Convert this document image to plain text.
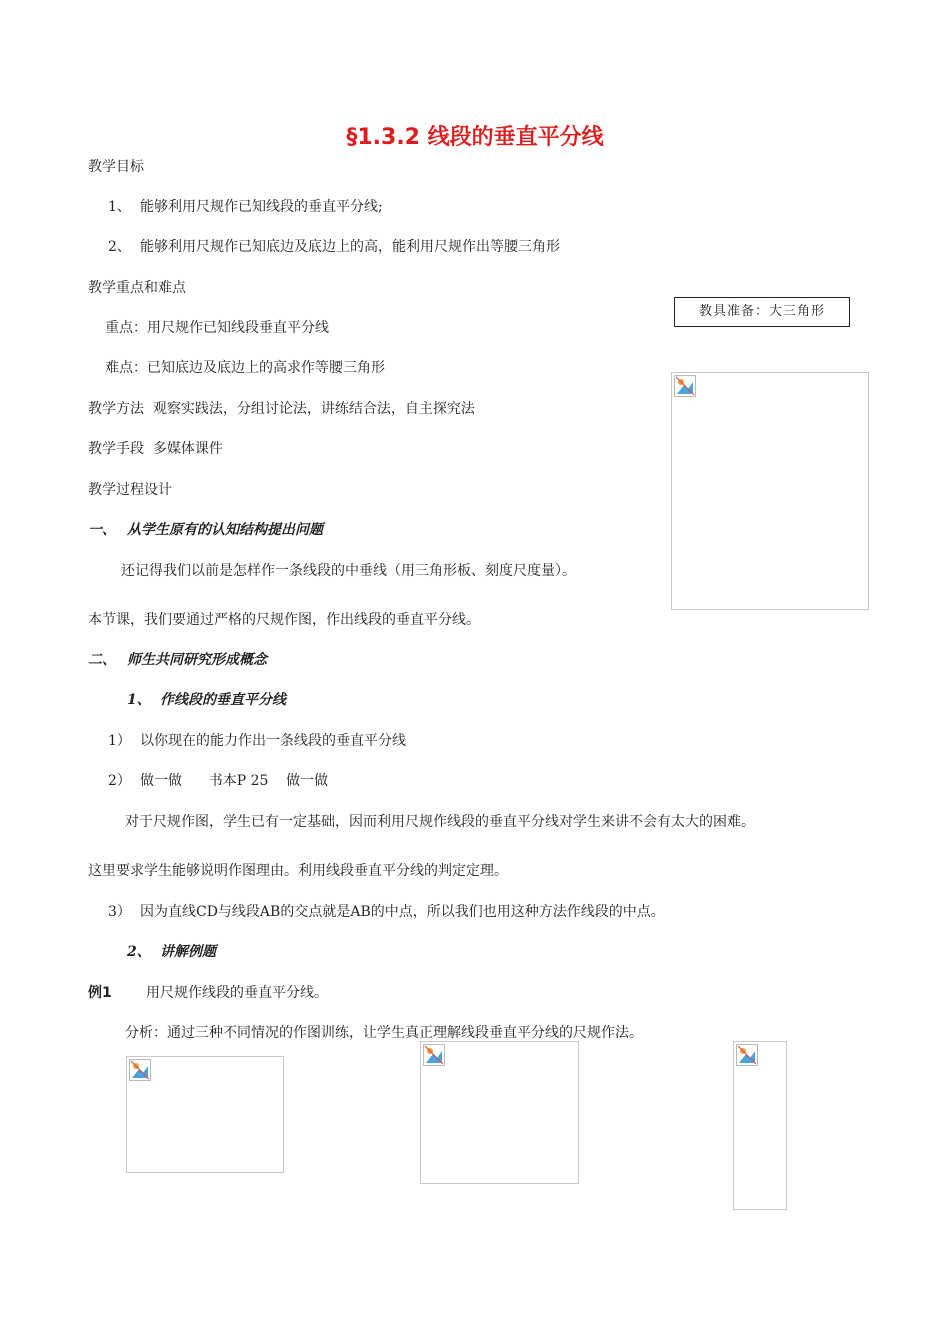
§1.3.2 线段的垂直平分线
教学目标
1、 能够利用尺规作已知线段的垂直平分线;
2、 能够利用尺规作已知底边及底边上的高，能利用尺规作出等腰三角形
教学重点和难点
重点：用尺规作已知线段垂直平分线
难点：已知底边及底边上的高求作等腰三角形
教学方法  观察实践法，分组讨论法，讲练结合法，自主探究法
教学手段  多媒体课件
教学过程设计
一、 从学生原有的认知结构提出问题
还记得我们以前是怎样作一条线段的中垂线（用三角形板、刻度尺度量）。
本节课，我们要通过严格的尺规作图，作出线段的垂直平分线。
二、 师生共同研究形成概念
1、 作线段的垂直平分线
1） 以你现在的能力作出一条线段的垂直平分线
2） 做一做      书本P 25    做一做
对于尺规作图，学生已有一定基础，因而利用尺规作线段的垂直平分线对学生来讲不会有太大的困难。
这里要求学生能够说明作图理由。利用线段垂直平分线的判定定理。
3） 因为直线CD与线段AB的交点就是AB的中点，所以我们也用这种方法作线段的中点。
2、 讲解例题
例1 用尺规作线段的垂直平分线。
分析：通过三种不同情况的作图训练，让学生真正理解线段垂直平分线的尺规作法。
教具准备：大三角形
